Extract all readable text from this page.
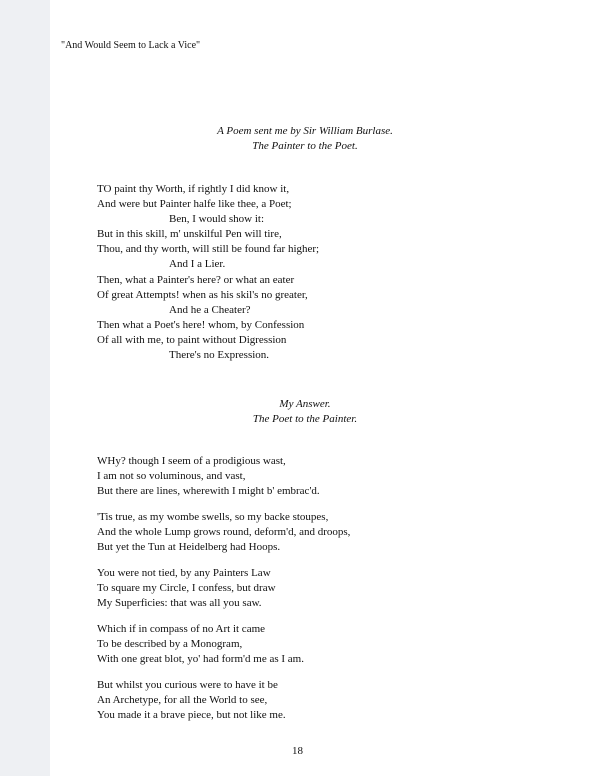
"And Would Seem to Lack a Vice"
A Poem sent me by Sir William Burlase.
The Painter to the Poet.
TO paint thy Worth, if rightly I did know it,
And were but Painter halfe like thee, a Poet;
Ben, I would show it:
But in this skill, m' unskilful Pen will tire,
Thou, and thy worth, will still be found far higher;
And I a Lier.
Then, what a Painter's here? or what an eater
Of great Attempts! when as his skil's no greater,
And he a Cheater?
Then what a Poet's here! whom, by Confession
Of all with me, to paint without Digression
There's no Expression.
My Answer.
The Poet to the Painter.
WHy? though I seem of a prodigious wast,
I am not so voluminous, and vast,
But there are lines, wherewith I might b' embrac'd.
'Tis true, as my wombe swells, so my backe stoupes,
And the whole Lump grows round, deform'd, and droops,
But yet the Tun at Heidelberg had Hoops.
You were not tied, by any Painters Law
To square my Circle, I confess, but draw
My Superficies: that was all you saw.
Which if in compass of no Art it came
To be described by a Monogram,
With one great blot, yo' had form'd me as I am.
But whilst you curious were to have it be
An Archetype, for all the World to see,
You made it a brave piece, but not like me.
18
